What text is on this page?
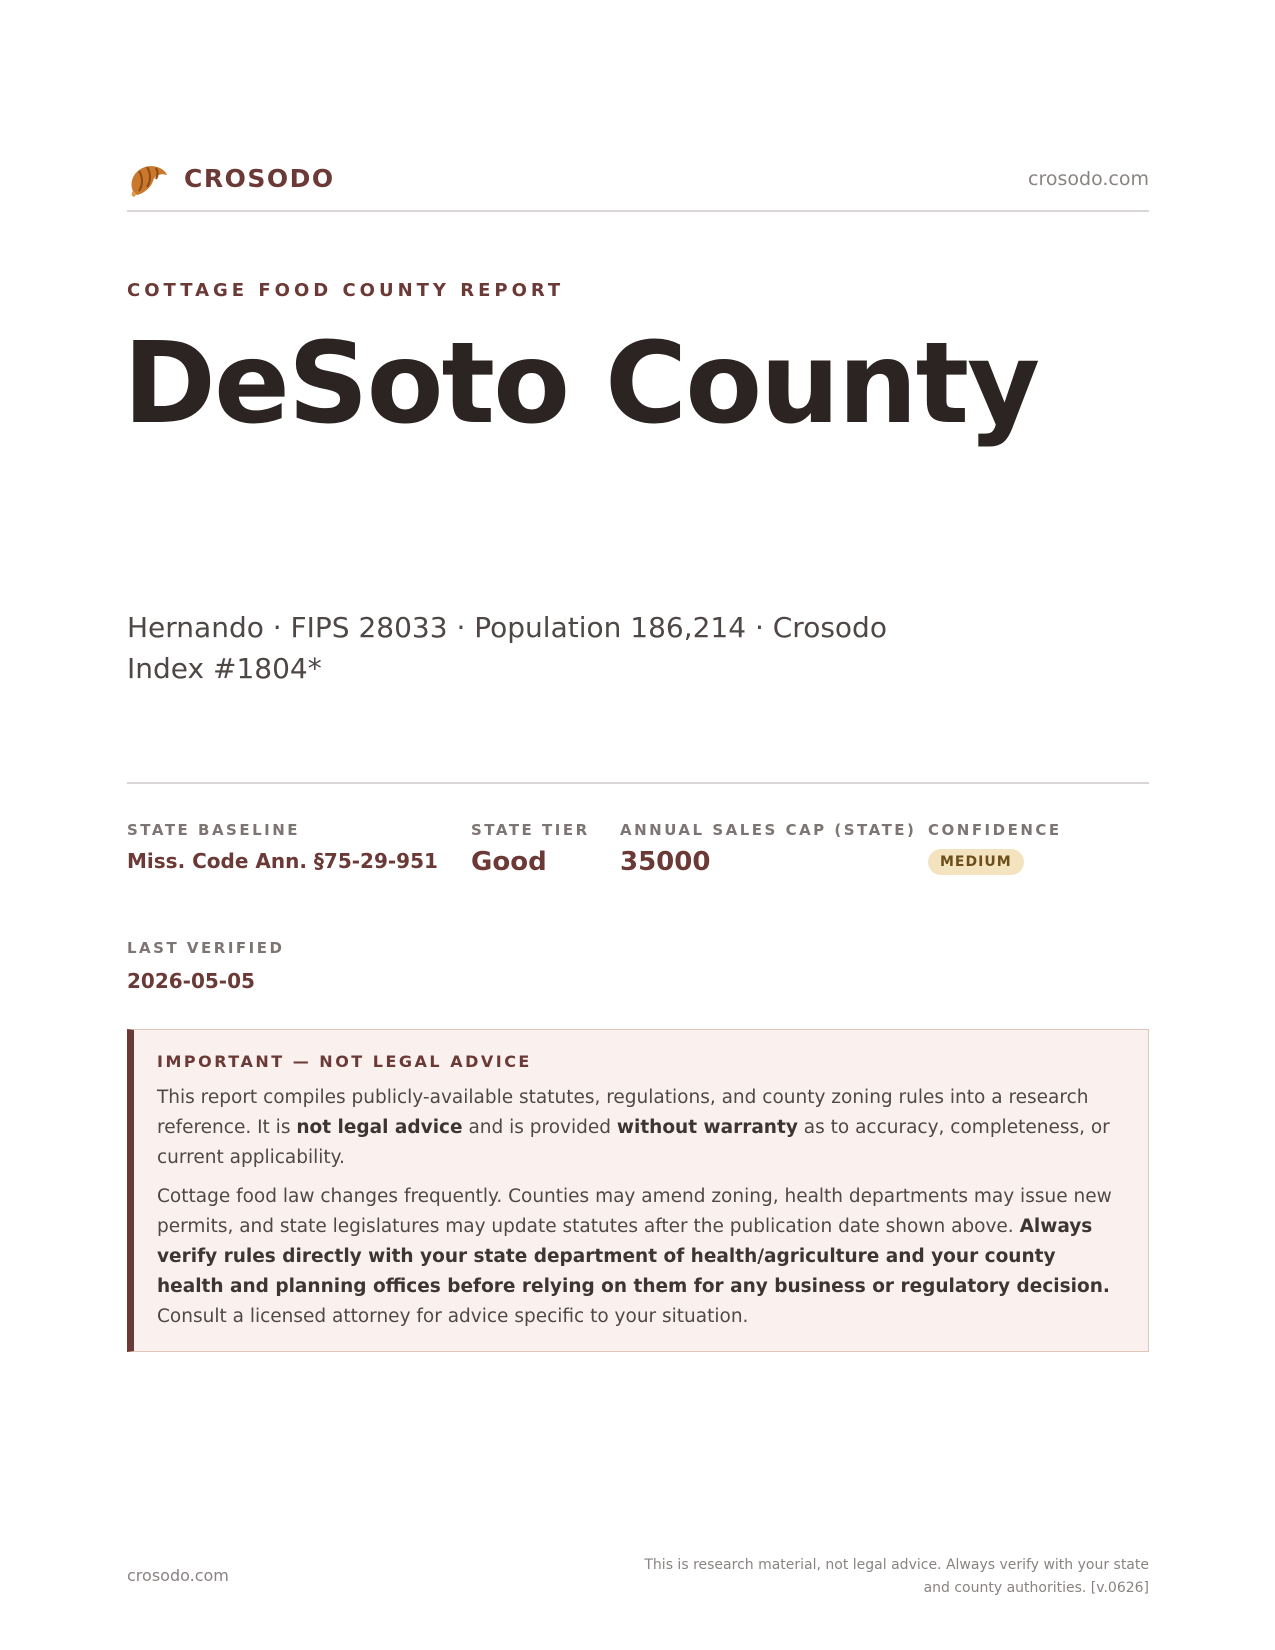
CROSODO	crosodo.com
COTTAGE FOOD COUNTY REPORT
DeSoto County
Hernando · FIPS 28033 · Population 186,214 · Crosodo Index #1804*
STATE BASELINE
Miss. Code Ann. §75-29-951
STATE TIER
Good
ANNUAL SALES CAP (STATE)
35000
CONFIDENCE
MEDIUM
LAST VERIFIED
2026-05-05
IMPORTANT — NOT LEGAL ADVICE

This report compiles publicly-available statutes, regulations, and county zoning rules into a research reference. It is not legal advice and is provided without warranty as to accuracy, completeness, or current applicability.

Cottage food law changes frequently. Counties may amend zoning, health departments may issue new permits, and state legislatures may update statutes after the publication date shown above. Always verify rules directly with your state department of health/agriculture and your county health and planning offices before relying on them for any business or regulatory decision. Consult a licensed attorney for advice specific to your situation.

crosodo.com
This is research material, not legal advice. Always verify with your state
and county authorities. [v.0626]
